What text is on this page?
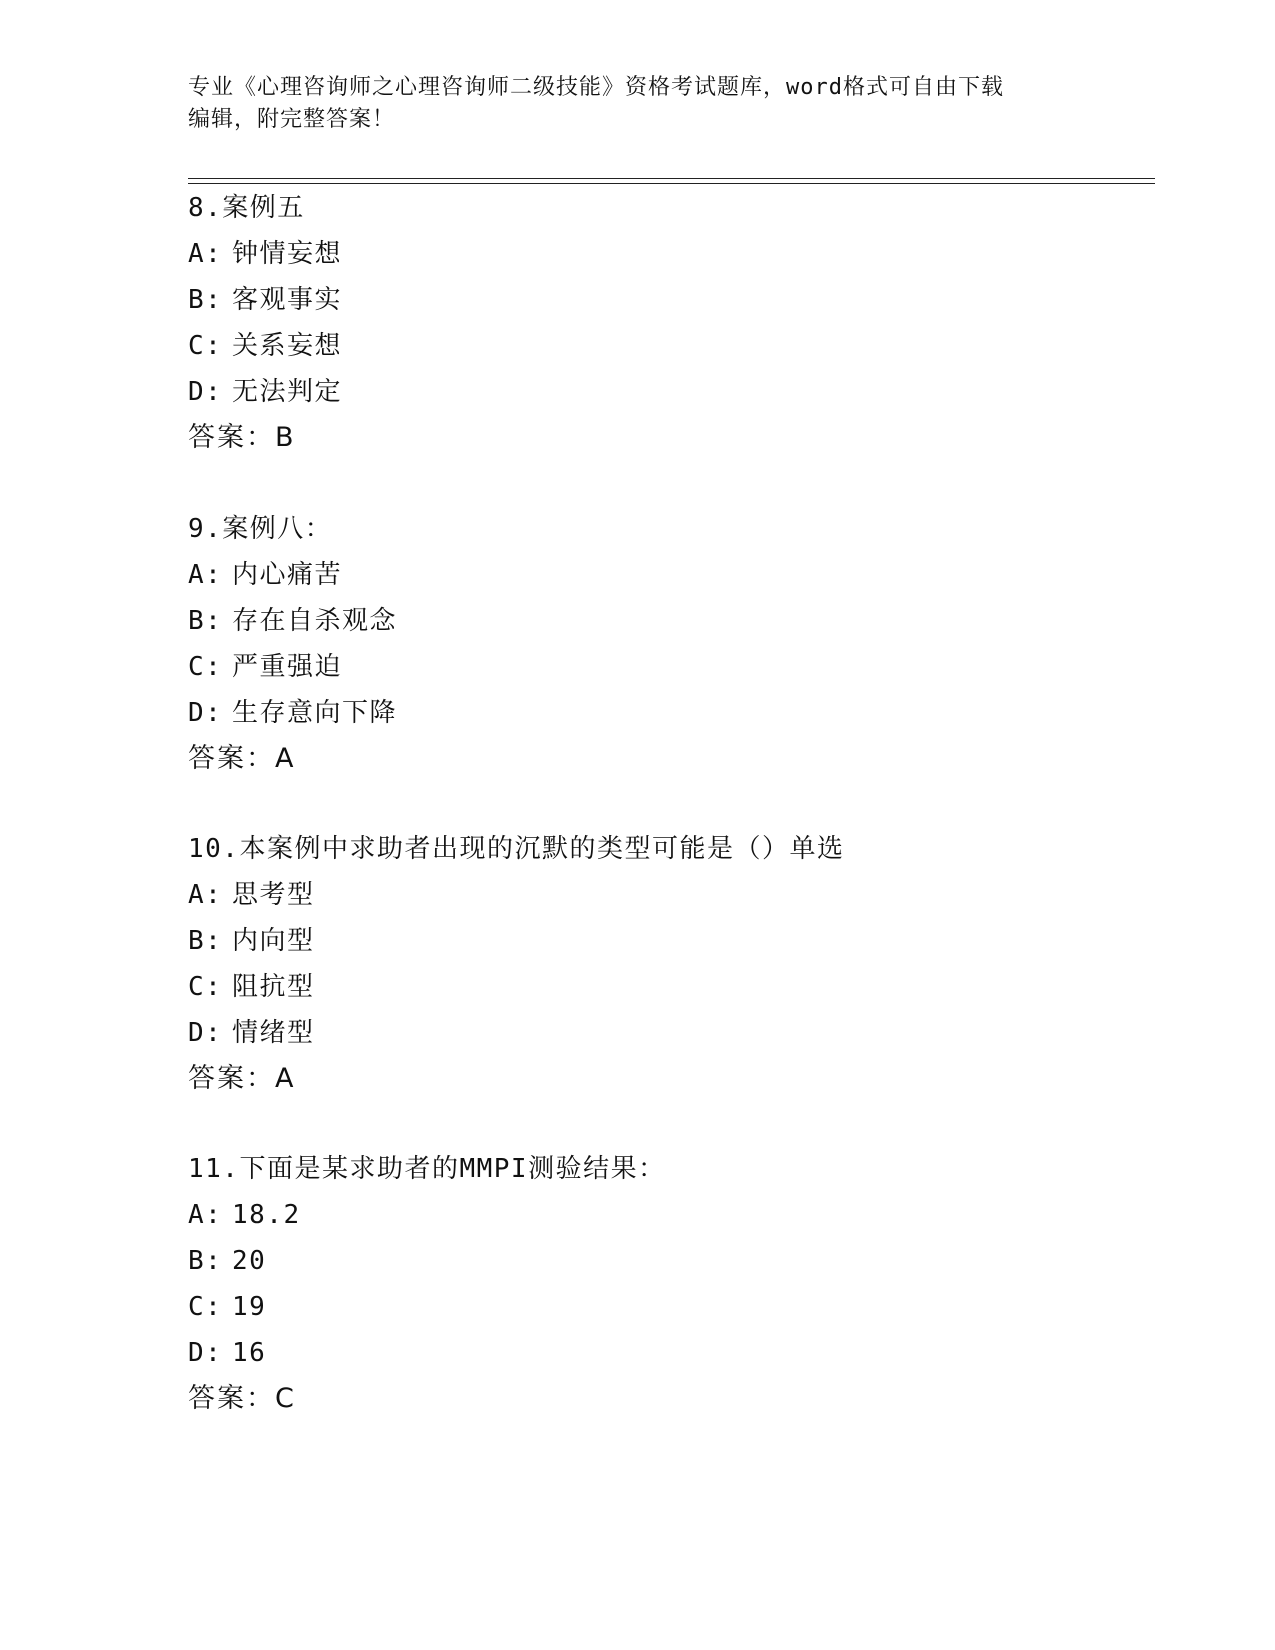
专业《心理咨询师之心理咨询师二级技能》资格考试题库，word格式可自由下载
编辑，附完整答案！
8.案例五
A: 钟情妄想
B: 客观事实
C: 关系妄想
D: 无法判定
答案：B
9.案例八：
A: 内心痛苦
B: 存在自杀观念
C: 严重强迫
D: 生存意向下降
答案：A
10.本案例中求助者出现的沉默的类型可能是（）单选
A: 思考型
B: 内向型
C: 阻抗型
D: 情绪型
答案：A
11.下面是某求助者的MMPI测验结果：
A: 18.2
B: 20
C: 19
D: 16
答案：C
